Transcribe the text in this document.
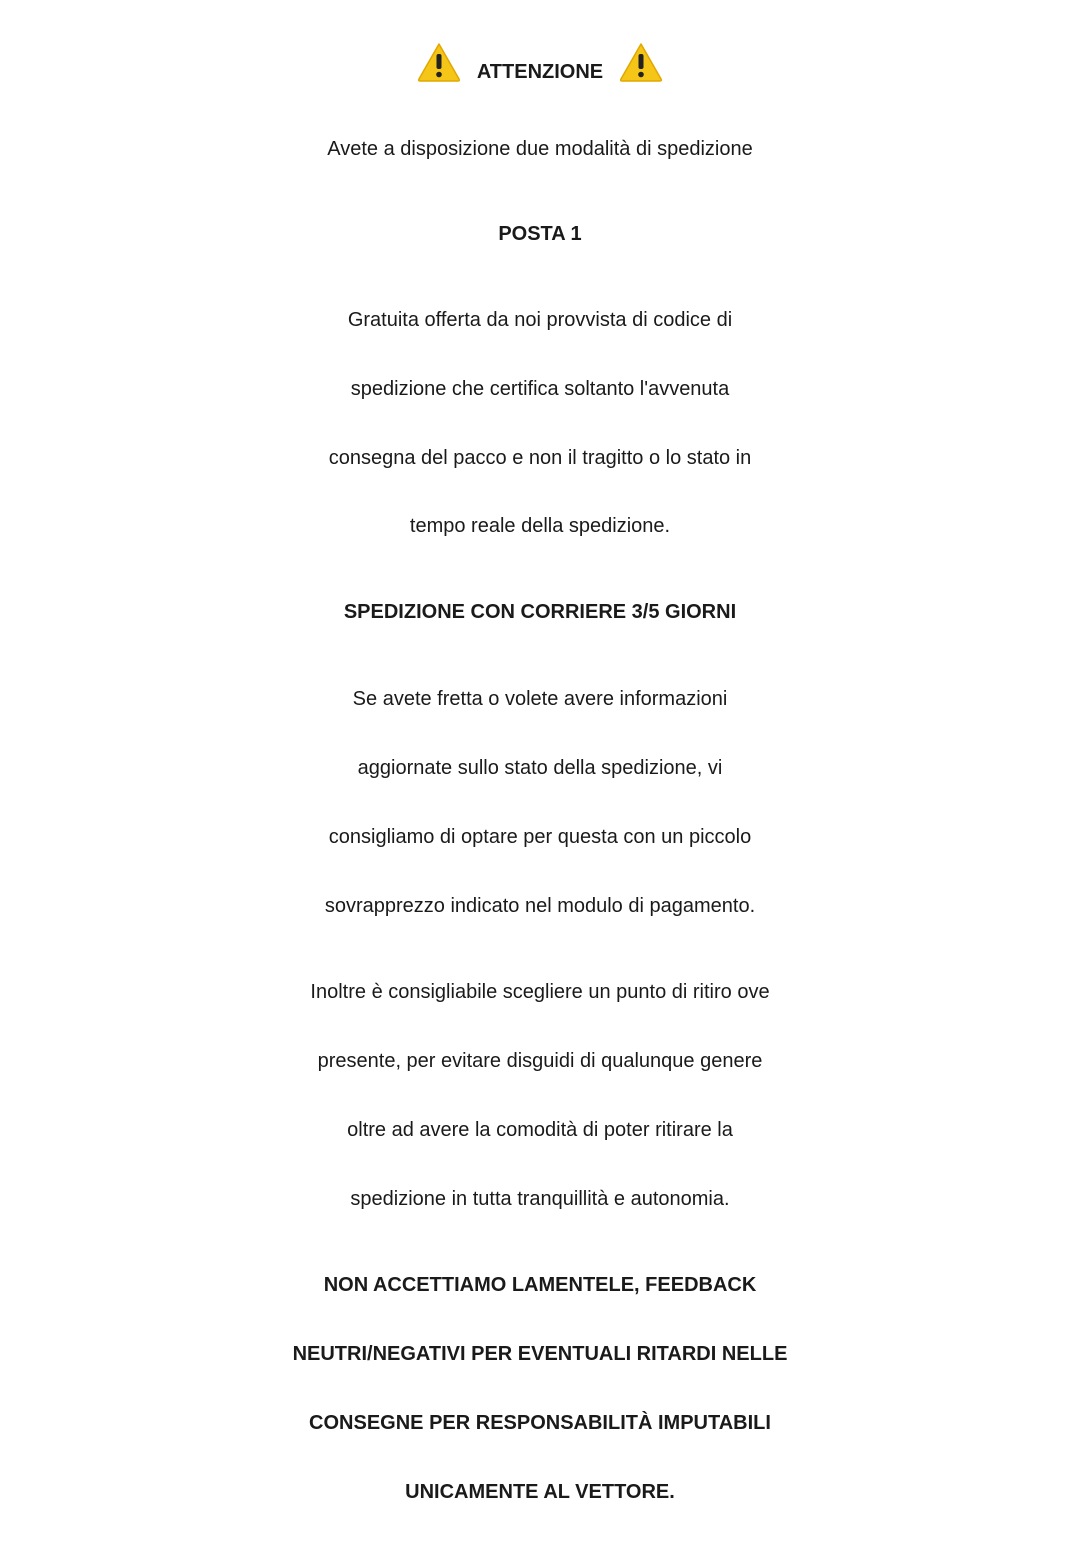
ATTENZIONE
Avete a disposizione due modalità di spedizione
POSTA 1
Gratuita offerta da noi provvista di codice di
spedizione che certifica soltanto l'avvenuta
consegna del pacco e non il tragitto o lo stato in
tempo reale della spedizione.
SPEDIZIONE CON CORRIERE 3/5 GIORNI
Se avete fretta o volete avere informazioni
aggiornate sullo stato della spedizione, vi
consigliamo di optare per questa con un piccolo
sovrapprezzo indicato nel modulo di pagamento.
Inoltre è consigliabile scegliere un punto di ritiro ove
presente, per evitare disguidi di qualunque genere
oltre ad avere la comodità di poter ritirare la
spedizione in tutta tranquillità e autonomia.
NON ACCETTIAMO LAMENTELE, FEEDBACK
NEUTRI/NEGATIVI PER EVENTUALI RITARDI NELLE
CONSEGNE PER RESPONSABILITÀ IMPUTABILI
UNICAMENTE AL VETTORE.
